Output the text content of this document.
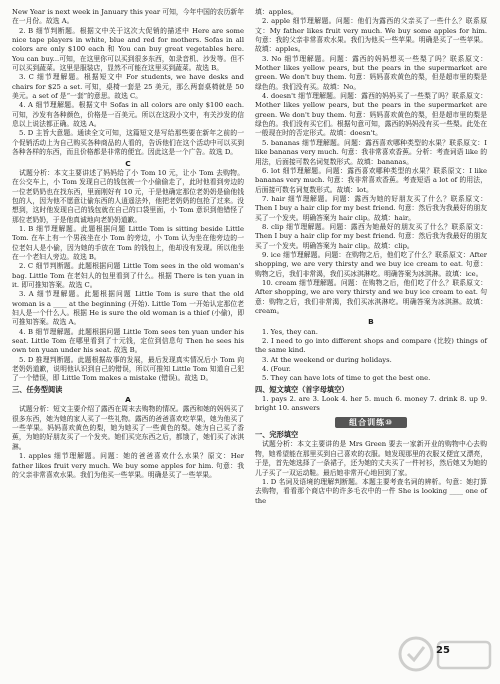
New Year is next week in January this year 可知，今年中国的农历新年在一月份。故选 A。

2. B 细节判断题。根据文中关于这次大促销的描述中 Here are some nice tape players in white, blue and red for mothers. Sofas in all colors are only $100 each 和 You can buy great vegetables here. You can buy...可知，在这里你可以买到很多东西，如录音机、沙发等。但不可以买到蔬菜。这里是服装店，显然不可能在这里买到蔬菜。故选 B。

3. C 细节理解题。根据短文中 For students, we have desks and chairs for $25 a set. 可知，桌椅一套是 25 美元，那么两套桌椅就是 50 美元。a set of 是“一套”的意思。故选 C。

4. A 细节理解题。根据文中 Sofas in all colors are only $100 each. 可知，沙发有各种颜色，价格是一百美元。所以在这段小文中，有关沙发的信息以上说法都正确。故选 A。

5. D 主旨大意题。通读全文可知，这篇短文是写给那些要在新年之前的一个促销活动上为自己购买各种商品的人看的，告诉他们在这个活动中可以买到各种各样的东西，而且价格都是非常的便宜。因此这是一个广告。故选 D。

C

试题分析：本文主要讲述了妈妈给了小 Tom 10 元，让小 Tom 去购物。在公交车上，小 Tom 发现自己的钱包被一个小偷偷走了，此时他看到旁边的一位老奶奶也在找东西，里面刚好有 10 元，于是他确定那位老奶奶是偷他钱包的人，因为他不愿意让偷东西的人逍遥法外，他把老奶奶的包抢了过来。没想到，这时他发现自己的钱包就在自己的口袋里面，小 Tom 意识到他错怪了那位老奶奶，于是他真诚地向老奶奶道歉。

1. B 细节理解题。此题根据问题 Little Tom is sitting beside Little Tom. 在车上有一个男孩坐在小 Tom 的旁边，小 Tom 认为坐在他旁边的一位老妇人是小偷，因为她的手放在 Tom 的钱包上，他却没有发现。所以他坐在一个老妇人旁边。故选 B。

2. C 细节判断题。此题根据问题 Little Tom sees in the old woman's bag. Little Tom 在老妇人的包里看到了什么。根据 There is ten yuan in it. 即可推知答案。故选 C。

3. A 细节理解题。此题根据问题 Little Tom is sure that the old woman is a ____ at the beginning (开始). Little Tom 一开始认定那位老妇人是一个什么人。根据 He is sure the old woman is a thief (小偷)，即可推知答案。故选 A。

4. B 细节理解题。此题根据问题 Little Tom sees ten yuan under his seat. Little Tom 在哪里看到了十元钱，定位到信息句 Then he sees his own ten yuan under his seat. 故选 B。

5. D 推理判断题。此题根据故事的发展，最后发现真实情况后小 Tom 向老奶奶道歉，说明他认识到自己的错误，所以可推知 Little Tom 知道自己犯了一个错误，即 Little Tom makes a mistake (错误)。故选 D。

三、任务型阅读

A

试题分析：短文主要介绍了露西在周末去购物的情况。露西和她的妈妈买了很多东西，她为她的家人买了一些礼物。露西的爸爸喜欢吃苹果，她为他买了一些苹果。妈妈喜欢黄色的梨，她为她买了一些黄色的梨。她为自己买了香蕉，为她的好朋友买了一个发夹。她们买完东西之后，都饿了，她们买了冰淇淋。

1. apples 细节理解题。问题：她的爸爸喜欢什么水果？原文：Her father likes fruit very much. We buy some apples for him. 句意：我的父亲非常喜欢水果。我们为他买一些苹果。明确是买了一些苹果。

填：apples。

2. apple 细节理解题。问题：他们为露西的父亲买了一些什么？联系原文：My father likes fruit very much. We buy some apples for him. 句意：我的父亲非常喜欢水果。我们为他买一些苹果。明确是买了一些苹果。故填：apples。

3. No 细节理解题。问题：露西的妈妈想买一些梨了吗？联系原文：Mother likes yellow pears, but the pears in the supermarket are green. We don't buy them. 句意：妈妈喜欢黄色的梨，但是超市里的梨是绿色的。我们没有买。故填：No。

4. doesn't 细节理解题。问题：露西的妈妈买了一些梨了吗？联系原文：Mother likes yellow pears, but the pears in the supermarket are green. We don't buy them. 句意：妈妈喜欢黄色的梨，但是超市里的梨是绿色的。我们没有买它们。根据句意可知，露西的妈妈没有买一些梨。此处在一般现在时的否定形式。故填：doesn't。

5. bananas 细节理解题。问题：露西喜欢哪种类型的水果？联系原文：I like bananas very much. 句意：我非常喜欢香蕉。分析：考查词语 like 的用法，后面接可数名词复数形式。故填：bananas。

6. lot 细节理解题。问题：露西喜欢哪种类型的水果？联系原文：I like bananas very much. 句意：我非常喜欢香蕉。考查短语 a lot of 的用法，后面接可数名词复数形式。故填：lot。

7. hair 细节理解题。问题：露西为她的好朋友买了什么？联系原文：Then I buy a hair clip for my best friend. 句意：然后我为我最好的朋友买了一个发夹。明确答案为 hair clip。故填：hair。

8. clip 细节理解题。问题：露西为她最好的朋友买了什么？联系原文：Then I buy a hair clip for my best friend. 句意：然后我为我最好的朋友买了一个发夹。明确答案为 hair clip。故填：clip。

9. ice 细节理解题。问题：在购物之后，他们吃了什么？联系原文：After shopping, we are very thirsty and we buy ice cream to eat. 句意：购物之后，我们非常渴，我们买冰淇淋吃。明确答案为冰淇淋。故填：ice。

10. cream 细节理解题。问题：在购物之后，他们吃了什么？联系原文：After shopping, we are very thirsty and we buy ice cream to eat. 句意：购物之后，我们非常渴，我们买冰淇淋吃。明确答案为冰淇淋。故填：cream。

B

1. Yes, they can.

2. I need to go into different shops and compare (比较) things of the same kind.

3. At the weekend or during holidays.

4. (Four.

5. They can have lots of time to get the best one.

四、短文填空（首字母填空）

1. pays 2. are 3. Look 4. her 5. much 6. money 7. drink 8. up 9. bright 10. answers

组合训练⑩

一、完形填空

试题分析：本文主要讲的是 Mrs Green 要去一家新开业的购物中心去购物，她希望能在那里买到自己喜欢的衣服。她发现那里的衣服又便宜又漂亮，于是，首先她选择了一条裙子，还为她的丈夫买了一件衬衫，然后她又为她的儿子买了一双运动鞋。最后她非常开心地回到了家。

1. D 名词及语境的理解判断题。本题主要考查名词的辨析。句意：她打算去购物，看看那个商店中的许多毛衣中的一件 She is looking ____ one of the

25
